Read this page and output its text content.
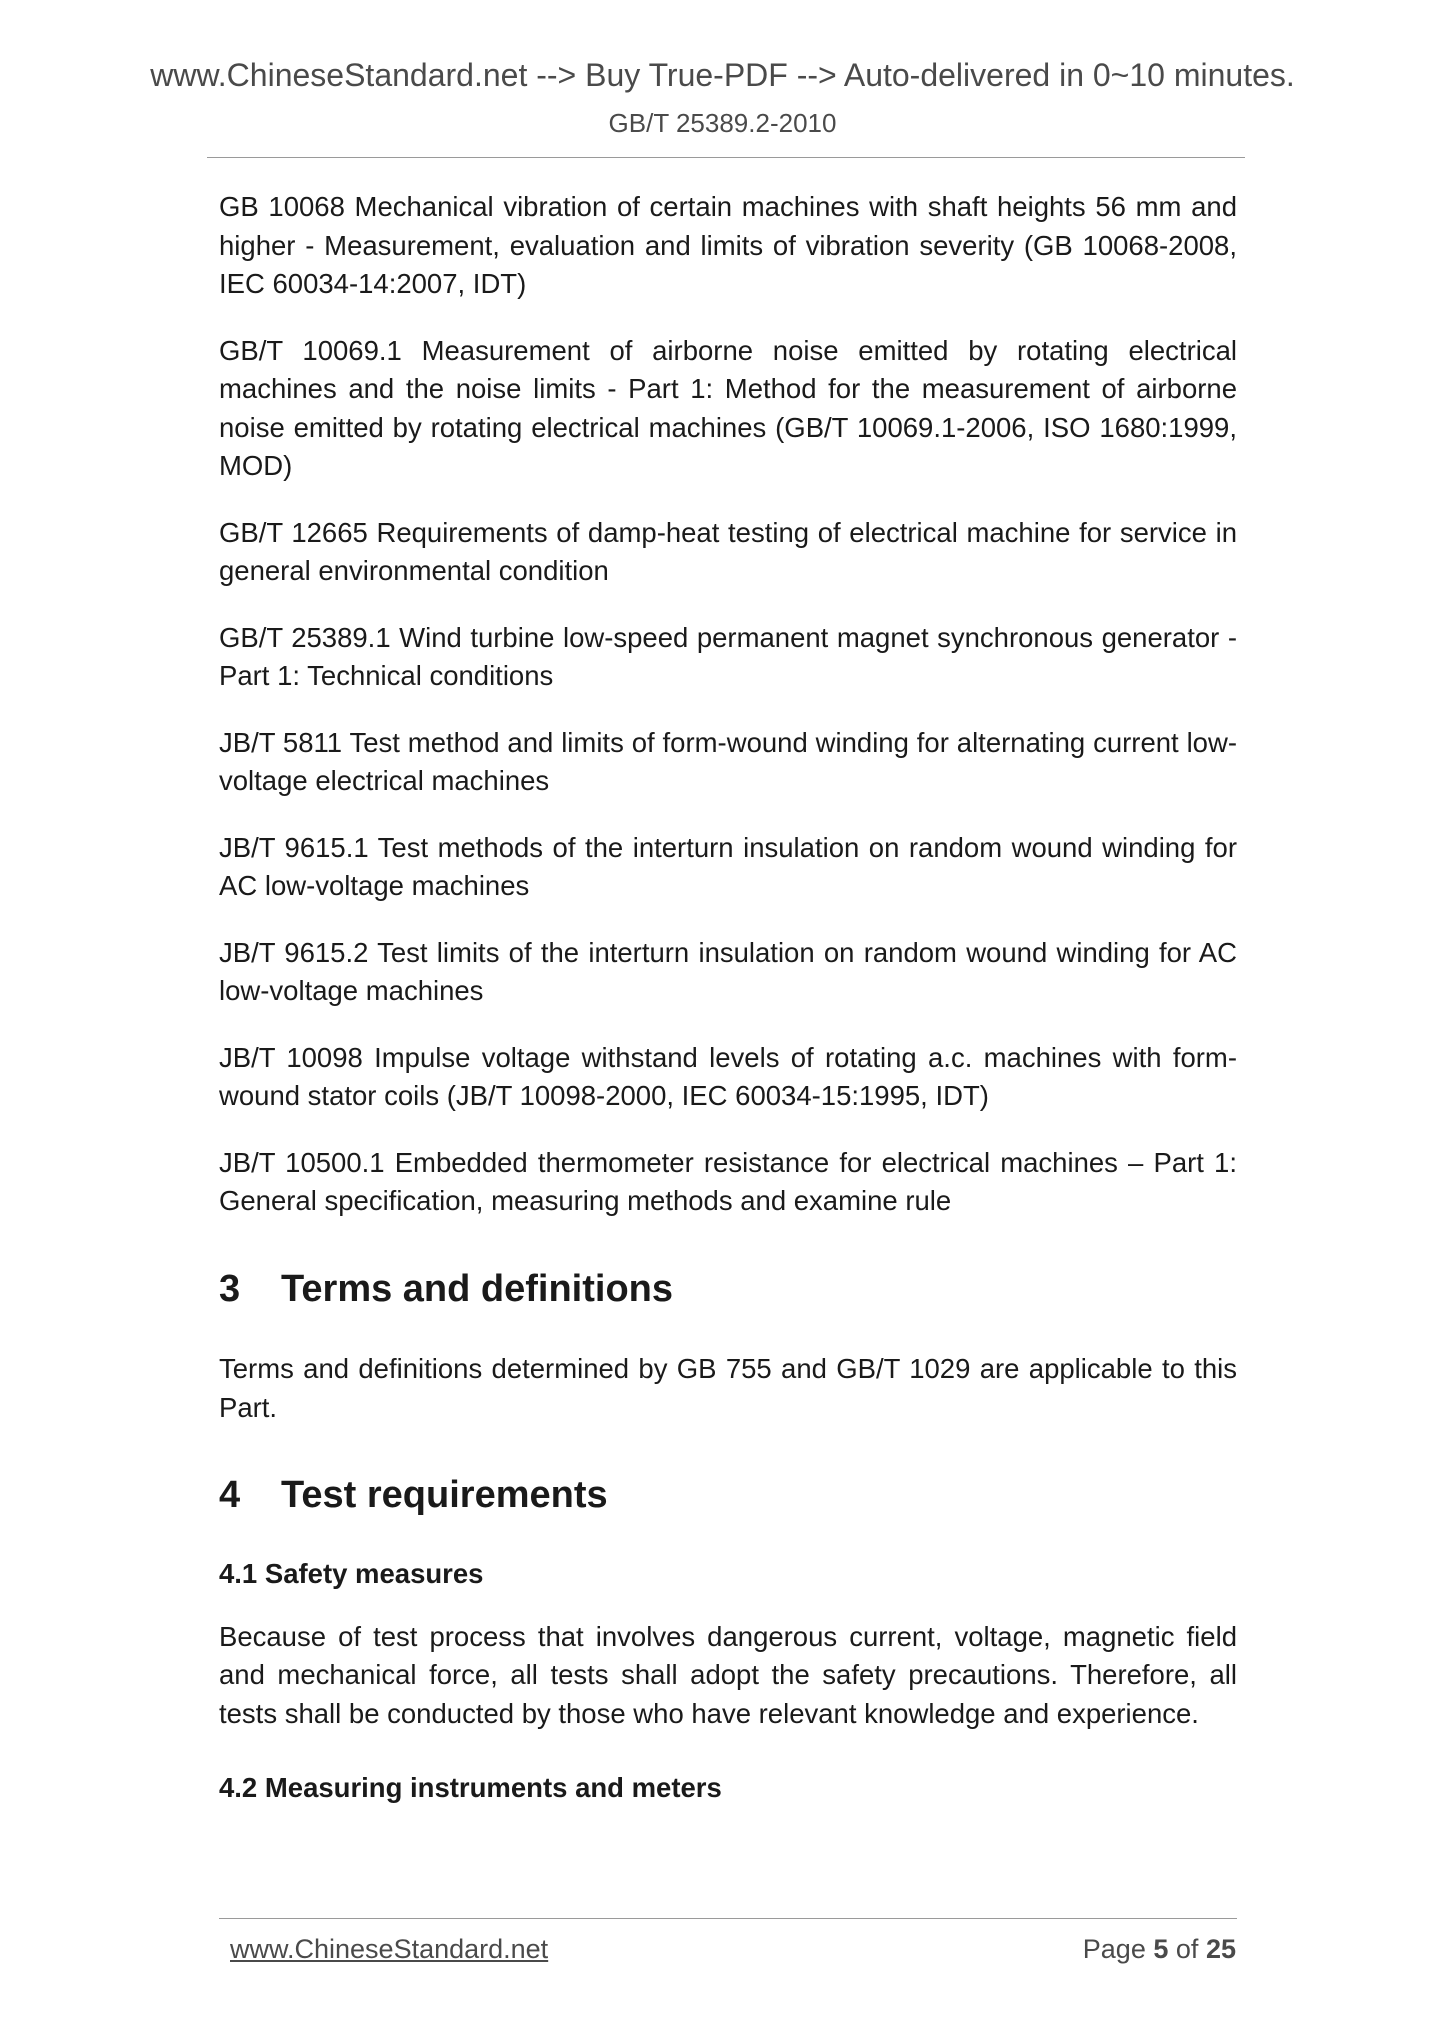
www.ChineseStandard.net --> Buy True-PDF --> Auto-delivered in 0~10 minutes.
GB/T 25389.2-2010

GB 10068 Mechanical vibration of certain machines with shaft heights 56 mm and higher - Measurement, evaluation and limits of vibration severity (GB 10068-2008, IEC 60034-14:2007, IDT)

GB/T 10069.1 Measurement of airborne noise emitted by rotating electrical machines and the noise limits - Part 1: Method for the measurement of airborne noise emitted by rotating electrical machines (GB/T 10069.1-2006, ISO 1680:1999, MOD)

GB/T 12665 Requirements of damp-heat testing of electrical machine for service in general environmental condition

GB/T 25389.1 Wind turbine low-speed permanent magnet synchronous generator - Part 1: Technical conditions

JB/T 5811 Test method and limits of form-wound winding for alternating current low-voltage electrical machines

JB/T 9615.1 Test methods of the interturn insulation on random wound winding for AC low-voltage machines

JB/T 9615.2 Test limits of the interturn insulation on random wound winding for AC low-voltage machines

JB/T 10098 Impulse voltage withstand levels of rotating a.c. machines with form-wound stator coils (JB/T 10098-2000, IEC 60034-15:1995, IDT)

JB/T 10500.1 Embedded thermometer resistance for electrical machines – Part 1: General specification, measuring methods and examine rule

3	Terms and definitions

Terms and definitions determined by GB 755 and GB/T 1029 are applicable to this Part.

4	Test requirements
4.1 Safety measures

Because of test process that involves dangerous current, voltage, magnetic field and mechanical force, all tests shall adopt the safety precautions. Therefore, all tests shall be conducted by those who have relevant knowledge and experience.

4.2 Measuring instruments and meters
www.ChineseStandard.net	Page 5 of 25
